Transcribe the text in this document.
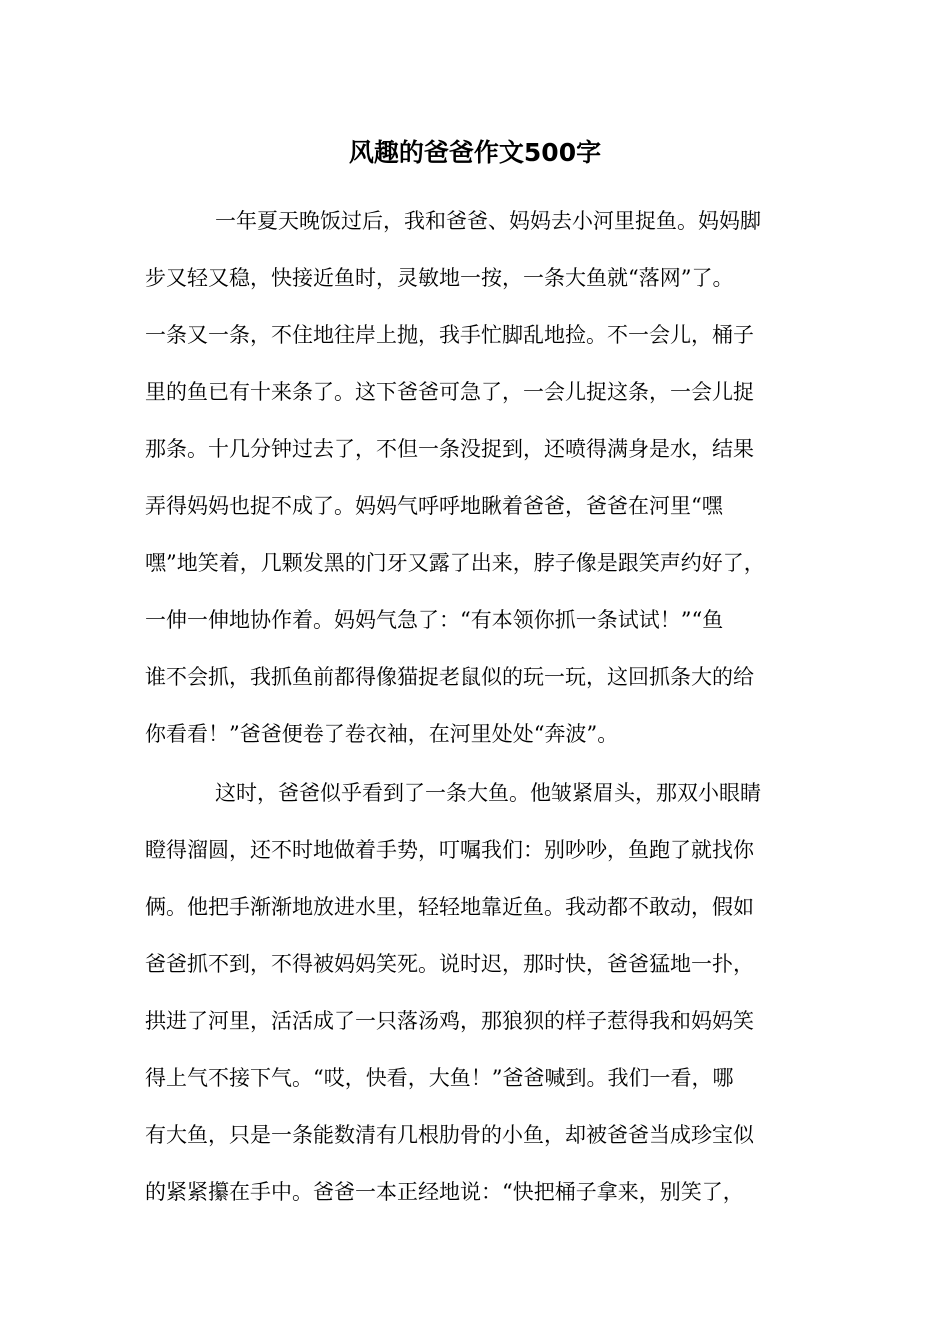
风趣的爸爸作文500字
一年夏天晚饭过后，我和爸爸、妈妈去小河里捉鱼。妈妈脚
步又轻又稳，快接近鱼时，灵敏地一按，一条大鱼就“落网”了。
一条又一条，不住地往岸上抛，我手忙脚乱地捡。不一会儿，桶子
里的鱼已有十来条了。这下爸爸可急了，一会儿捉这条，一会儿捉
那条。十几分钟过去了，不但一条没捉到，还喷得满身是水，结果
弄得妈妈也捉不成了。妈妈气呼呼地瞅着爸爸，爸爸在河里“嘿
嘿”地笑着，几颗发黑的门牙又露了出来，脖子像是跟笑声约好了，
一伸一伸地协作着。妈妈气急了：“有本领你抓一条试试！”“鱼
谁不会抓，我抓鱼前都得像猫捉老鼠似的玩一玩，这回抓条大的给
你看看！”爸爸便卷了卷衣袖，在河里处处“奔波”。
这时，爸爸似乎看到了一条大鱼。他皱紧眉头，那双小眼睛
瞪得溜圆，还不时地做着手势，叮嘱我们：别吵吵，鱼跑了就找你
俩。他把手渐渐地放进水里，轻轻地靠近鱼。我动都不敢动，假如
爸爸抓不到，不得被妈妈笑死。说时迟，那时快，爸爸猛地一扑，
拱进了河里，活活成了一只落汤鸡，那狼狈的样子惹得我和妈妈笑
得上气不接下气。“哎，快看，大鱼！”爸爸喊到。我们一看，哪
有大鱼，只是一条能数清有几根肋骨的小鱼，却被爸爸当成珍宝似
的紧紧攥在手中。爸爸一本正经地说：“快把桶子拿来，别笑了，
